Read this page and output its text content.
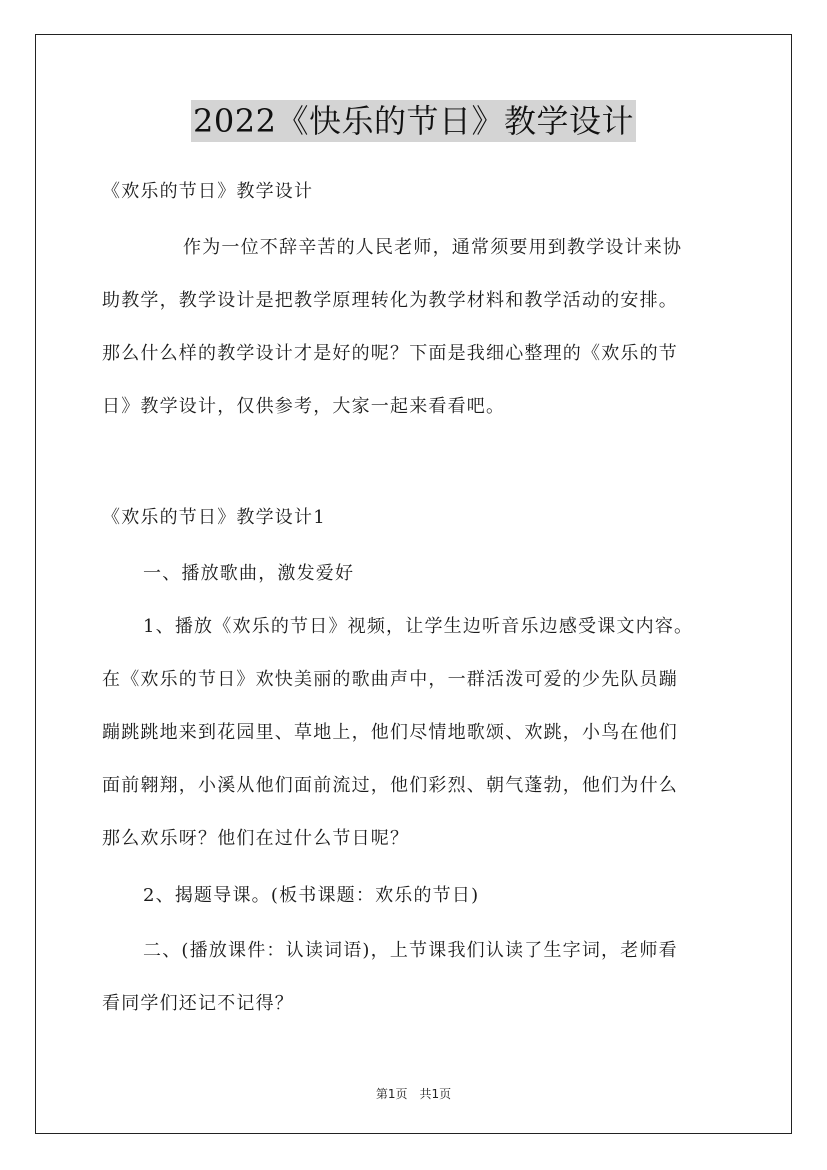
2022《快乐的节日》教学设计
《欢乐的节日》教学设计
作为一位不辞辛苦的人民老师，通常须要用到教学设计来协
助教学，教学设计是把教学原理转化为教学材料和教学活动的安排。
那么什么样的教学设计才是好的呢？下面是我细心整理的《欢乐的节
日》教学设计，仅供参考，大家一起来看看吧。
《欢乐的节日》教学设计1
一、播放歌曲，激发爱好
1、播放《欢乐的节日》视频，让学生边听音乐边感受课文内容。
在《欢乐的节日》欢快美丽的歌曲声中，一群活泼可爱的少先队员蹦
蹦跳跳地来到花园里、草地上，他们尽情地歌颂、欢跳，小鸟在他们
面前翱翔，小溪从他们面前流过，他们彩烈、朝气蓬勃，他们为什么
那么欢乐呀？他们在过什么节日呢？
2、揭题导课。(板书课题：欢乐的节日)
二、(播放课件：认读词语)，上节课我们认读了生字词，老师看
看同学们还记不记得？
第1页　共1页
